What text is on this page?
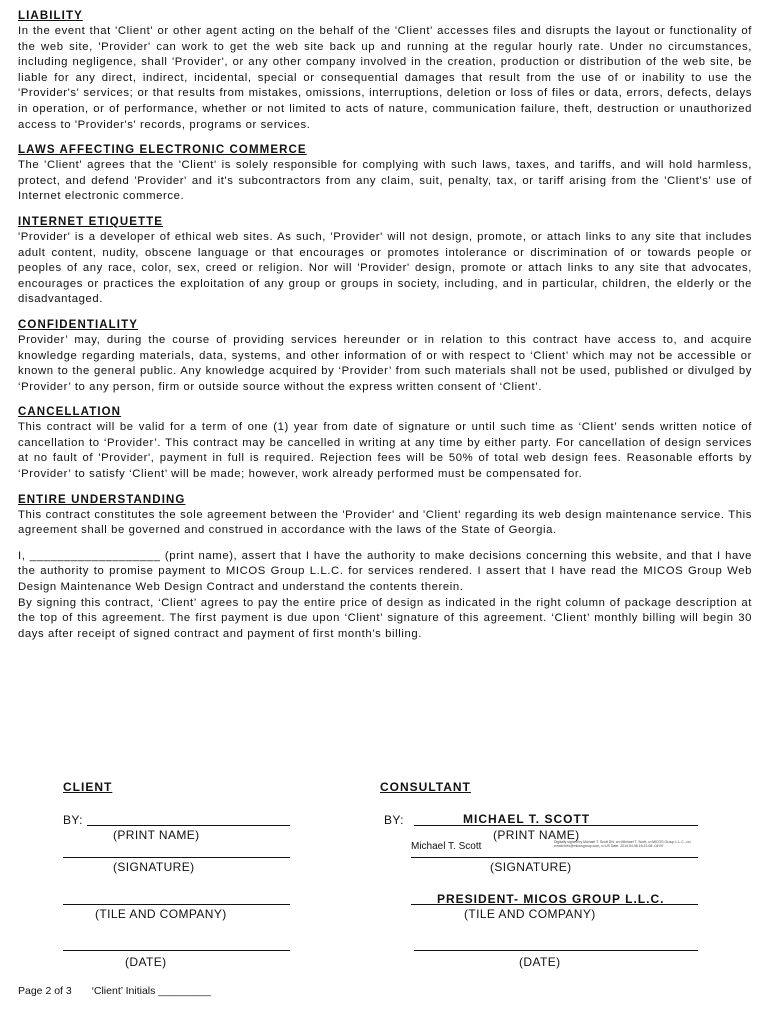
LIABILITY

In the event that 'Client' or other agent acting on the behalf of the 'Client' accesses files and disrupts the layout or functionality of the web site, 'Provider' can work to get the web site back up and running at the regular hourly rate. Under no circumstances, including negligence, shall 'Provider', or any other company involved in the creation, production or distribution of the web site, be liable for any direct, indirect, incidental, special or consequential damages that result from the use of or inability to use the 'Provider's' services; or that results from mistakes, omissions, interruptions, deletion or loss of files or data, errors, defects, delays in operation, or of performance, whether or not limited to acts of nature, communication failure, theft, destruction or unauthorized access to 'Provider's' records, programs or services.

LAWS AFFECTING ELECTRONIC COMMERCE

The 'Client' agrees that the 'Client' is solely responsible for complying with such laws, taxes, and tariffs, and will hold harmless, protect, and defend 'Provider' and it's subcontractors from any claim, suit, penalty, tax, or tariff arising from the 'Client's' use of Internet electronic commerce.

INTERNET ETIQUETTE

'Provider' is a developer of ethical web sites. As such, 'Provider' will not design, promote, or attach links to any site that includes adult content, nudity, obscene language or that encourages or promotes intolerance or discrimination of or towards people or peoples of any race, color, sex, creed or religion. Nor will 'Provider' design, promote or attach links to any site that advocates, encourages or practices the exploitation of any group or groups in society, including, and in particular, children, the elderly or the disadvantaged.

CONFIDENTIALITY

Provider’ may, during the course of providing services hereunder or in relation to this contract have access to, and acquire knowledge regarding materials, data, systems, and other information of or with respect to ‘Client’ which may not be accessible or known to the general public. Any knowledge acquired by ‘Provider’ from such materials shall not be used, published or divulged by ‘Provider’ to any person, firm or outside source without the express written consent of ‘Client’.

CANCELLATION

This contract will be valid for a term of one (1) year from date of signature or until such time as ‘Client’ sends written notice of cancellation to ‘Provider’. This contract may be cancelled in writing at any time by either party. For cancellation of design services at no fault of 'Provider', payment in full is required. Rejection fees will be 50% of total web design fees. Reasonable efforts by ‘Provider’ to satisfy ‘Client’ will be made; however, work already performed must be compensated for.

ENTIRE UNDERSTANDING

This contract constitutes the sole agreement between the 'Provider' and 'Client' regarding its web design maintenance service. This agreement shall be governed and construed in accordance with the laws of the State of Georgia.

I, ___________________ (print name), assert that I have the authority to make decisions concerning this website, and that I have the authority to promise payment to MICOS Group L.L.C. for services rendered. I assert that I have read the MICOS Group Web Design Maintenance Web Design Contract and understand the contents therein.

By signing this contract, ‘Client’ agrees to pay the entire price of design as indicated in the right column of package description at the top of this agreement. The first payment is due upon ‘Client’ signature of this agreement. ‘Client’ monthly billing will begin 30 days after receipt of signed contract and payment of first month’s billing.

CLIENT
BY:
(PRINT NAME)
(SIGNATURE)
(TILE AND COMPANY)
(DATE)
CONSULTANT
BY:	MICHAEL T. SCOTT
(PRINT NAME)
Michael T. Scott	Digitally signed by Michael T. Scott DN: cn=Michael T. Scott, o=MICOS Group L.L.C., ou, email=info@micosgroup.com, c=US Date: 2014.04.08 16:21:08 -04'00'
(SIGNATURE)
PRESIDENT- MICOS GROUP L.L.C.
(TILE AND COMPANY)
(DATE)
Page 2 of 3 ‘Client’ Initials _________
